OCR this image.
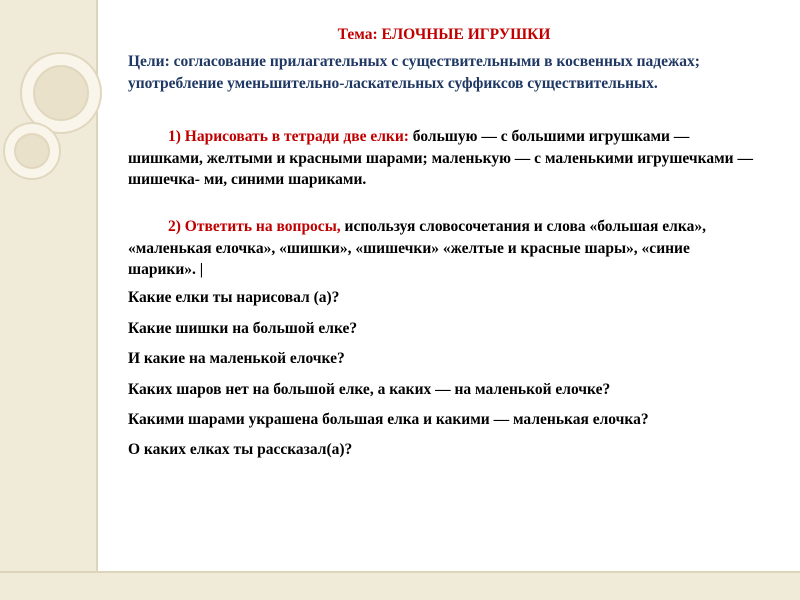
Тема: ЕЛОЧНЫЕ ИГРУШКИ

Цели: согласование прилагательных с существительными в косвенных падежах; употребление уменьшительно-ласкательных суффиксов существительных.

1) Нарисовать в тетради две елки: большую — с большими игрушками — шишками, желтыми и красными шарами; маленькую — с маленькими игрушечками — шишечка- ми, синими шариками.

2) Ответить на вопросы, используя словосочетания и слова «большая елка», «маленькая елочка», «шишки», «шишечки» «желтые и красные шары», «синие шарики». |

Какие елки ты нарисовал (а)?

Какие шишки на большой елке?

И какие на маленькой елочке?

Каких шаров нет на большой елке, а каких — на маленькой елочке?

Какими шарами украшена большая елка и какими — маленькая елочка?

О каких елках ты рассказал(а)?
